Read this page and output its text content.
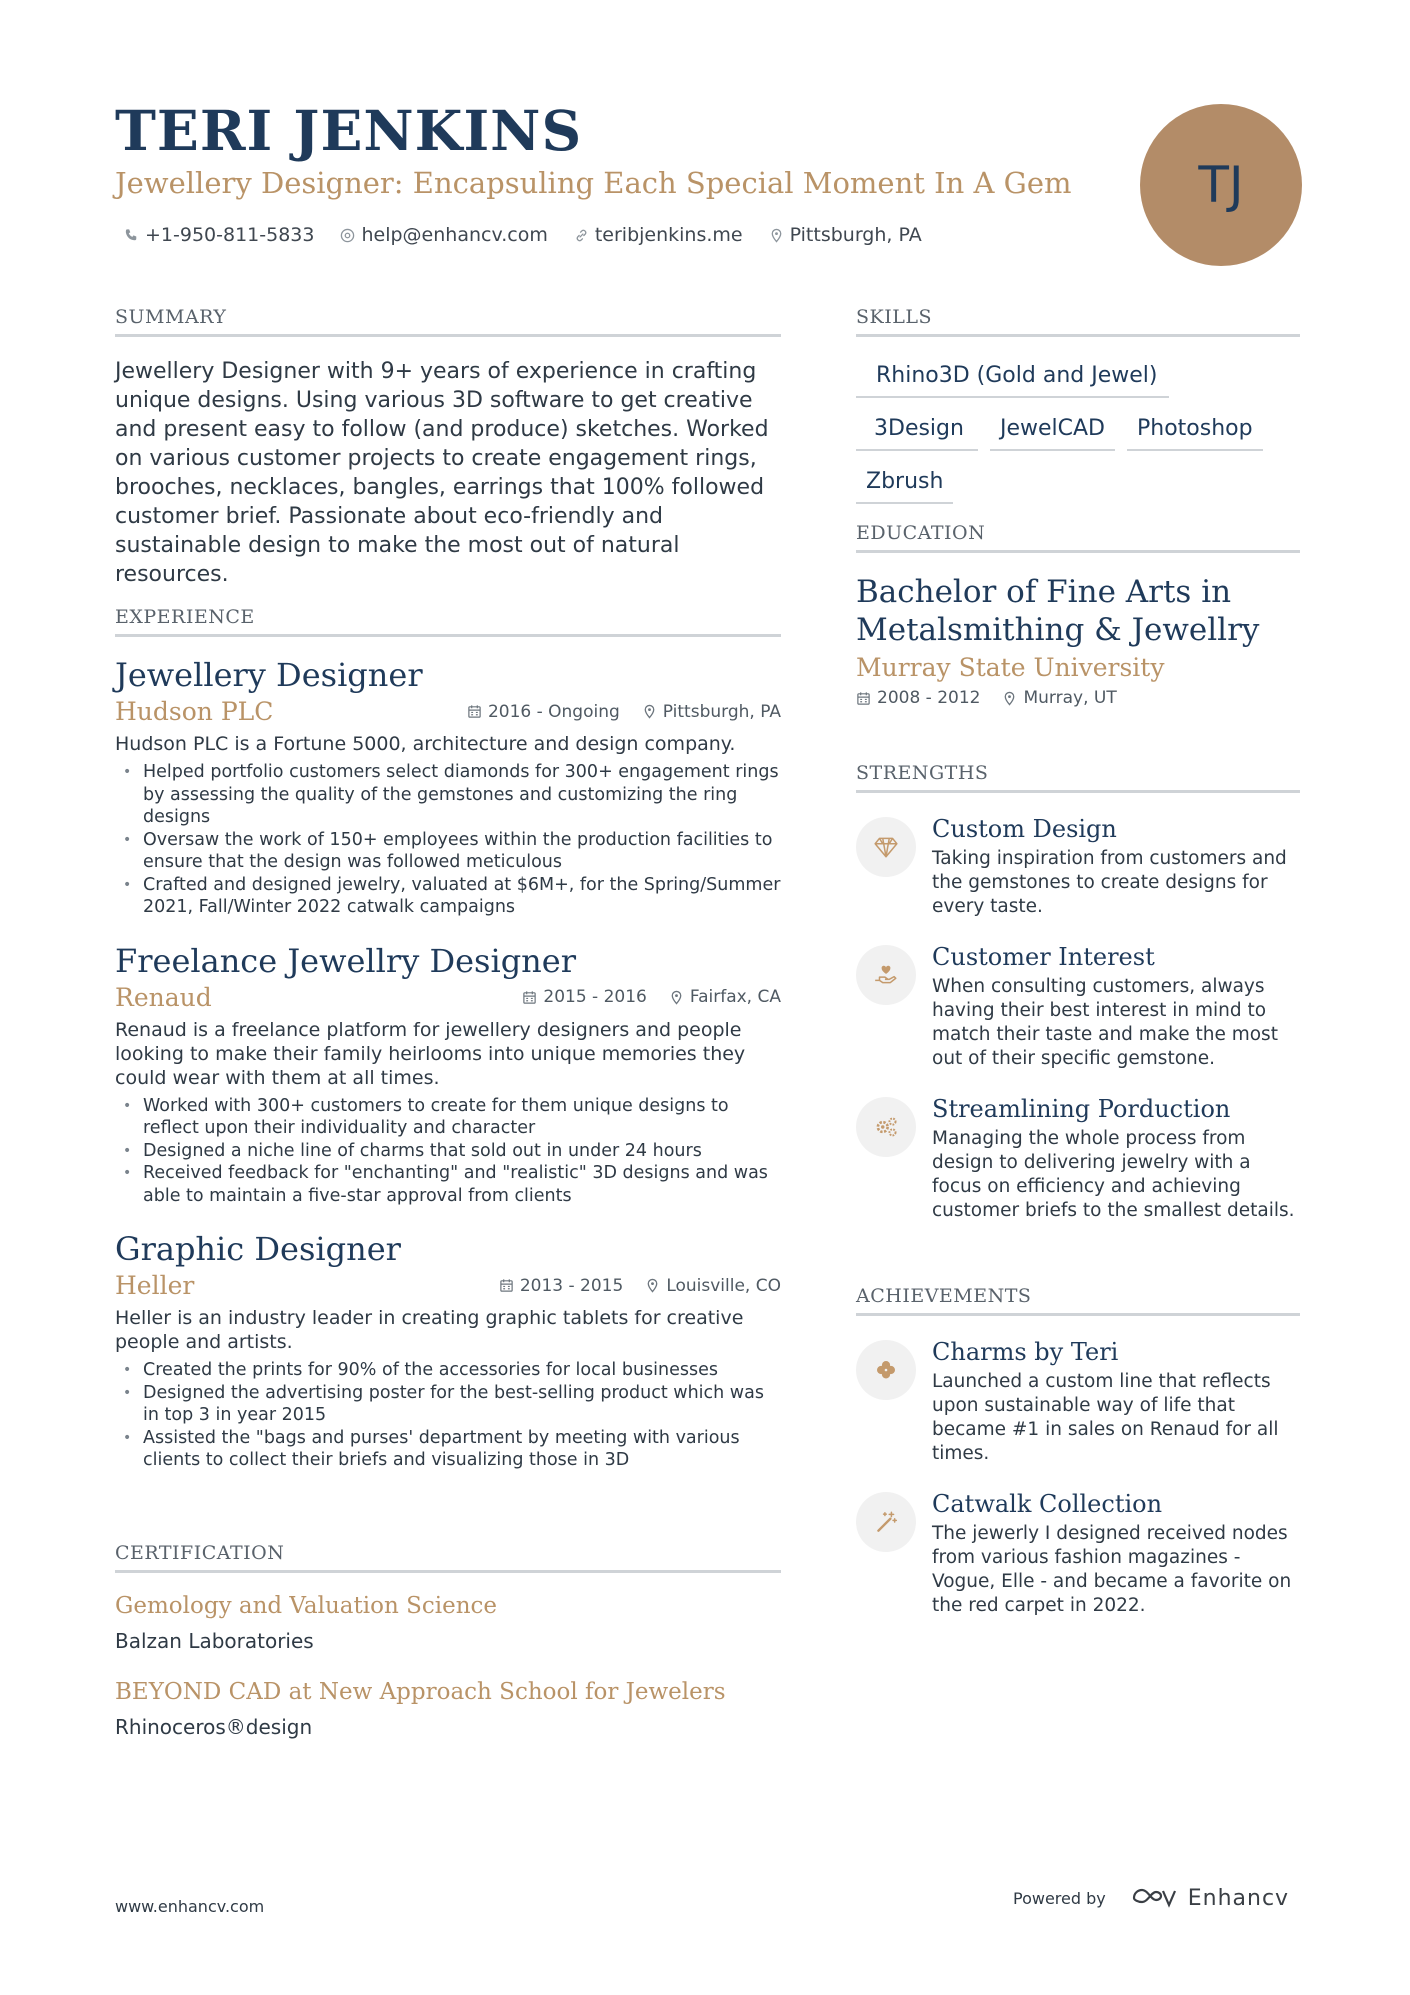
TERI JENKINS
Jewellery Designer: Encapsuling Each Special Moment In A Gem
+1-950-811-5833 help@enhancv.com teribjenkins.me Pittsburgh, PA
TJ
SUMMARY
Jewellery Designer with 9+ years of experience in crafting unique designs. Using various 3D software to get creative and present easy to follow (and produce) sketches. Worked on various customer projects to create engagement rings, brooches, necklaces, bangles, earrings that 100% followed customer brief. Passionate about eco-friendly and sustainable design to make the most out of natural resources.
EXPERIENCE
Jewellery Designer
Hudson PLC	2016 - Ongoing	Pittsburgh, PA
Hudson PLC is a Fortune 5000, architecture and design company.
• Helped portfolio customers select diamonds for 300+ engagement rings by assessing the quality of the gemstones and customizing the ring designs
• Oversaw the work of 150+ employees within the production facilities to ensure that the design was followed meticulous
• Crafted and designed jewelry, valuated at $6M+, for the Spring/Summer 2021, Fall/Winter 2022 catwalk campaigns
Freelance Jewellry Designer
Renaud	2015 - 2016	Fairfax, CA
Renaud is a freelance platform for jewellery designers and people looking to make their family heirlooms into unique memories they could wear with them at all times.
• Worked with 300+ customers to create for them unique designs to reflect upon their individuality and character
• Designed a niche line of charms that sold out in under 24 hours
• Received feedback for "enchanting" and "realistic" 3D designs and was able to maintain a five-star approval from clients
Graphic Designer
Heller	2013 - 2015	Louisville, CO
Heller is an industry leader in creating graphic tablets for creative people and artists.
• Created the prints for 90% of the accessories for local businesses
• Designed the advertising poster for the best-selling product which was in top 3 in year 2015
• Assisted the "bags and purses' department by meeting with various clients to collect their briefs and visualizing those in 3D
CERTIFICATION
Gemology and Valuation Science
Balzan Laboratories
BEYOND CAD at New Approach School for Jewelers
Rhinoceros®design
SKILLS
Rhino3D (Gold and Jewel)
3Design	JewelCAD	Photoshop
Zbrush
EDUCATION
Bachelor of Fine Arts in Metalsmithing & Jewellry
Murray State University
2008 - 2012	Murray, UT
STRENGTHS
Custom Design
Taking inspiration from customers and the gemstones to create designs for every taste.
Customer Interest
When consulting customers, always having their best interest in mind to match their taste and make the most out of their specific gemstone.
Streamlining Porduction
Managing the whole process from design to delivering jewelry with a focus on efficiency and achieving customer briefs to the smallest details.
ACHIEVEMENTS
Charms by Teri
Launched a custom line that reflects upon sustainable way of life that became #1 in sales on Renaud for all times.
Catwalk Collection
The jewerly I designed received nodes from various fashion magazines - Vogue, Elle - and became a favorite on the red carpet in 2022.
www.enhancv.com	Powered by	Enhancv
